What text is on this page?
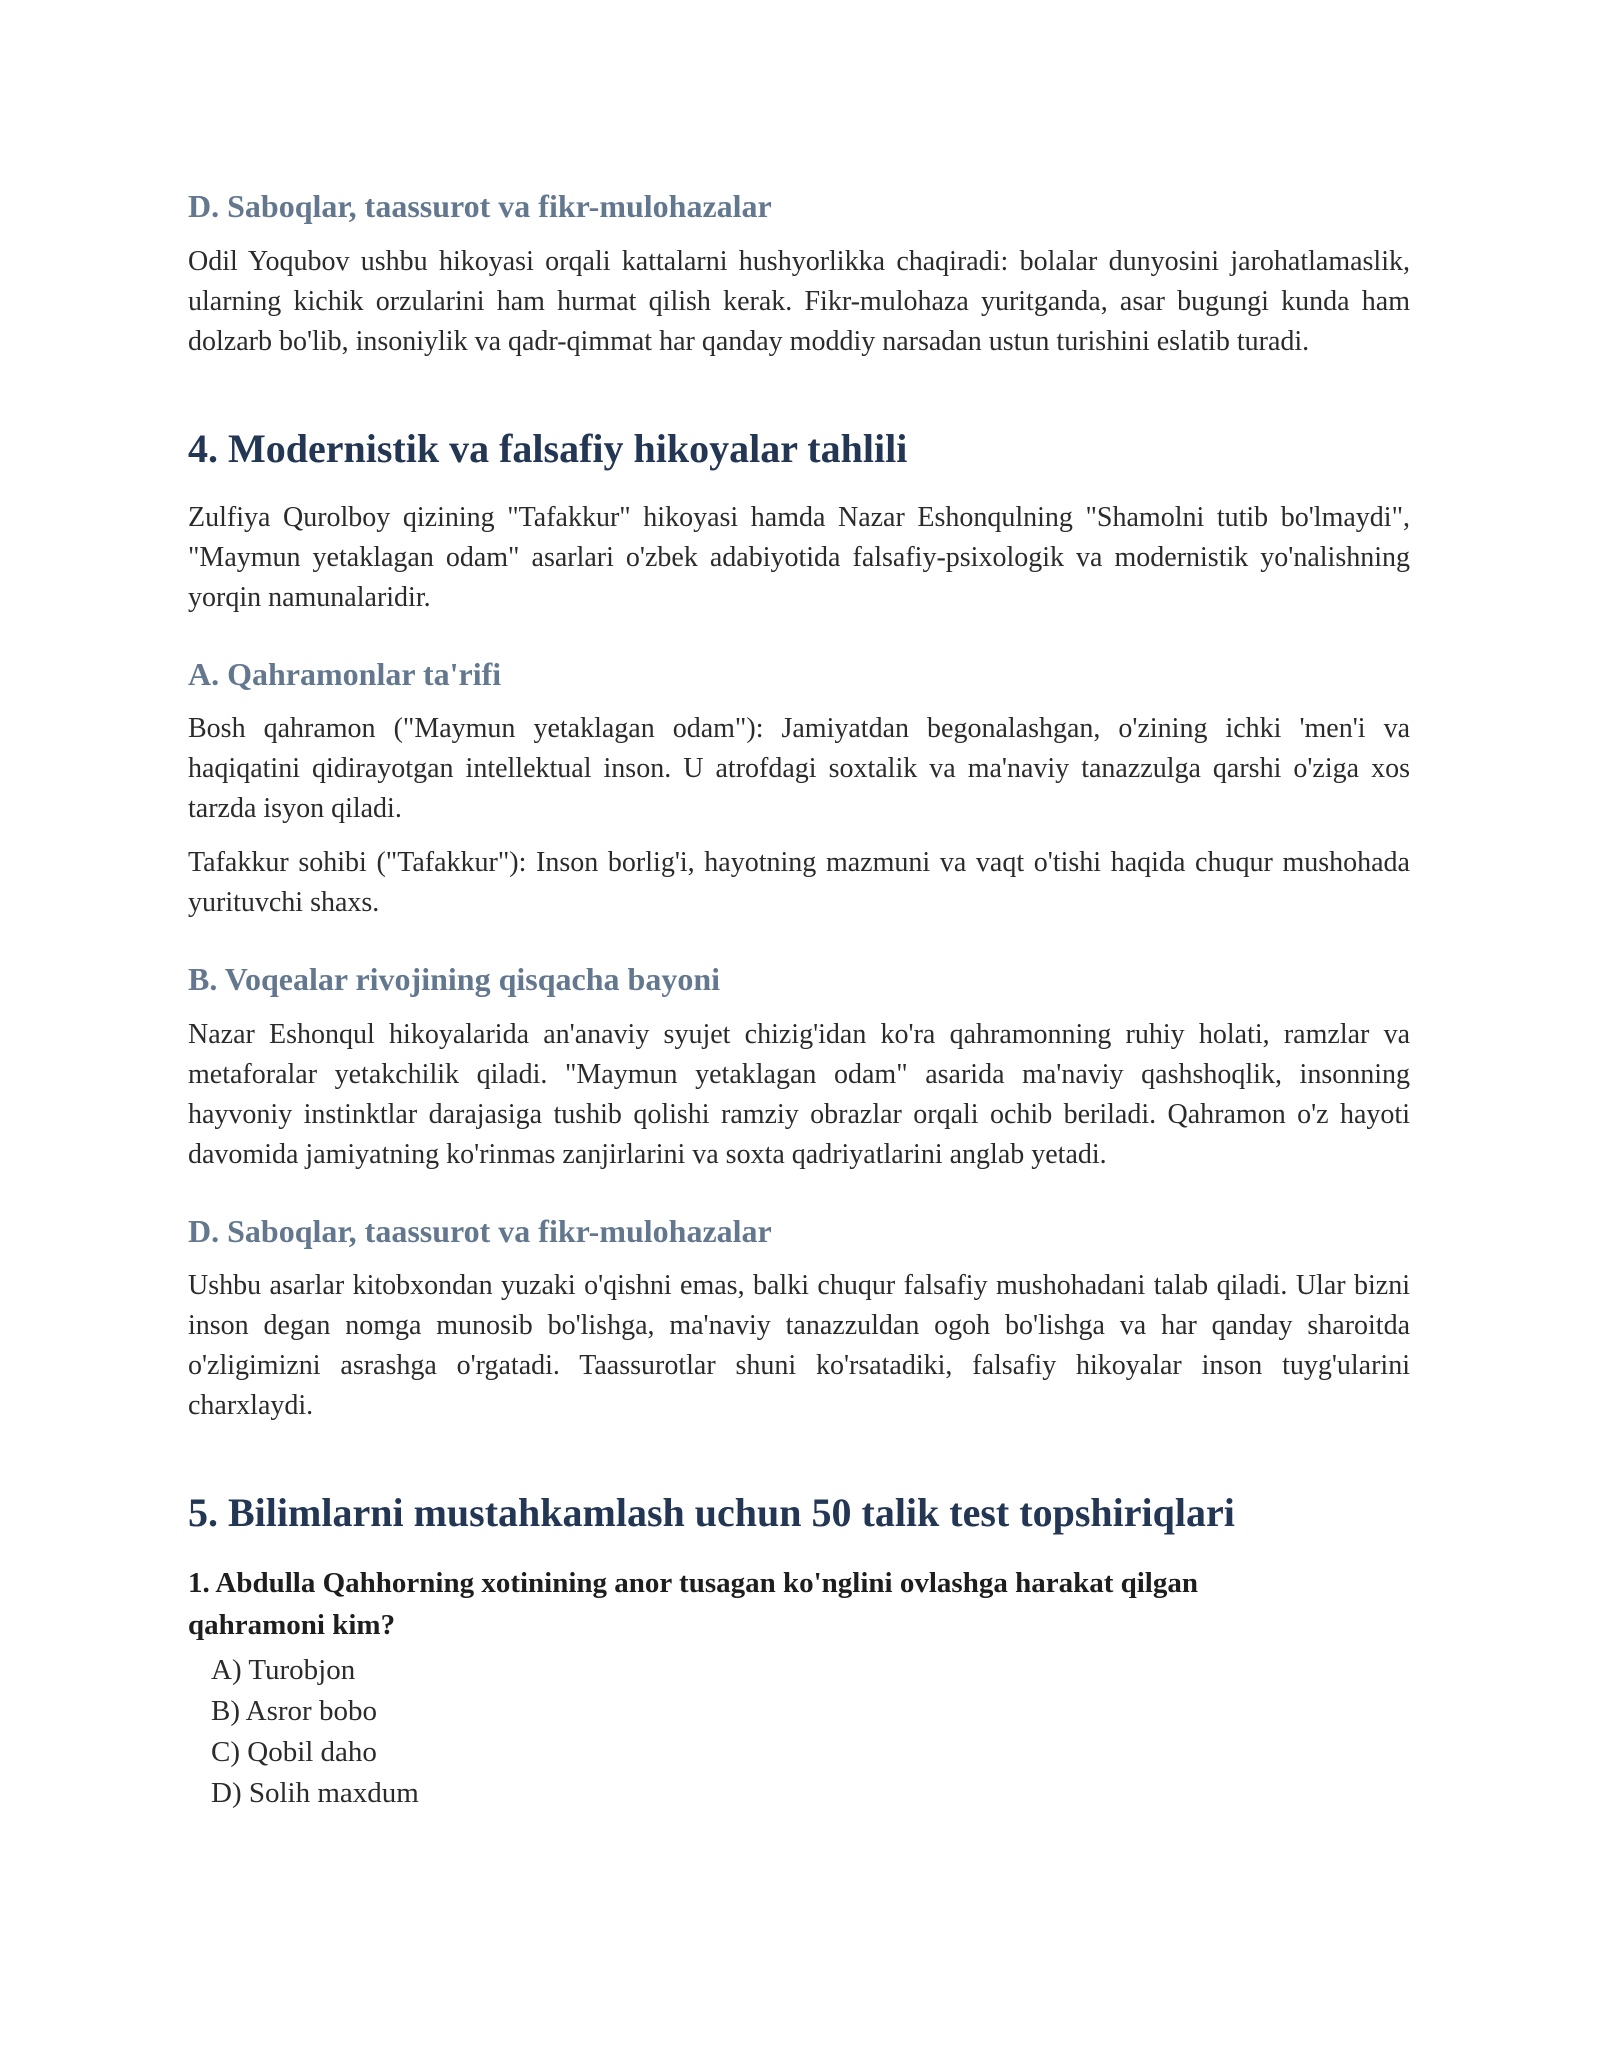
D. Saboqlar, taassurot va fikr-mulohazalar

Odil Yoqubov ushbu hikoyasi orqali kattalarni hushyorlikka chaqiradi: bolalar dunyosini jarohatlamaslik, ularning kichik orzularini ham hurmat qilish kerak. Fikr-mulohaza yuritganda, asar bugungi kunda ham dolzarb bo'lib, insoniylik va qadr-qimmat har qanday moddiy narsadan ustun turishini eslatib turadi.

4. Modernistik va falsafiy hikoyalar tahlili

Zulfiya Qurolboy qizining "Tafakkur" hikoyasi hamda Nazar Eshonqulning "Shamolni tutib bo'lmaydi", "Maymun yetaklagan odam" asarlari o'zbek adabiyotida falsafiy-psixologik va modernistik yo'nalishning yorqin namunalaridir.

A. Qahramonlar ta'rifi

Bosh qahramon ("Maymun yetaklagan odam"): Jamiyatdan begonalashgan, o'zining ichki 'men'i va haqiqatini qidirayotgan intellektual inson. U atrofdagi soxtalik va ma'naviy tanazzulga qarshi o'ziga xos tarzda isyon qiladi.

Tafakkur sohibi ("Tafakkur"): Inson borlig'i, hayotning mazmuni va vaqt o'tishi haqida chuqur mushohada yurituvchi shaxs.

B. Voqealar rivojining qisqacha bayoni

Nazar Eshonqul hikoyalarida an'anaviy syujet chizig'idan ko'ra qahramonning ruhiy holati, ramzlar va metaforalar yetakchilik qiladi. "Maymun yetaklagan odam" asarida ma'naviy qashshoqlik, insonning hayvoniy instinktlar darajasiga tushib qolishi ramziy obrazlar orqali ochib beriladi. Qahramon o'z hayoti davomida jamiyatning ko'rinmas zanjirlarini va soxta qadriyatlarini anglab yetadi.

D. Saboqlar, taassurot va fikr-mulohazalar

Ushbu asarlar kitobxondan yuzaki o'qishni emas, balki chuqur falsafiy mushohadani talab qiladi. Ular bizni inson degan nomga munosib bo'lishga, ma'naviy tanazzuldan ogoh bo'lishga va har qanday sharoitda o'zligimizni asrashga o'rgatadi. Taassurotlar shuni ko'rsatadiki, falsafiy hikoyalar inson tuyg'ularini charxlaydi.

5. Bilimlarni mustahkamlash uchun 50 talik test topshiriqlari

1. Abdulla Qahhorning xotinining anor tusagan ko'nglini ovlashga harakat qilgan qahramoni kim?

A) Turobjon

B) Asror bobo

C) Qobil daho

D) Solih maxdum
